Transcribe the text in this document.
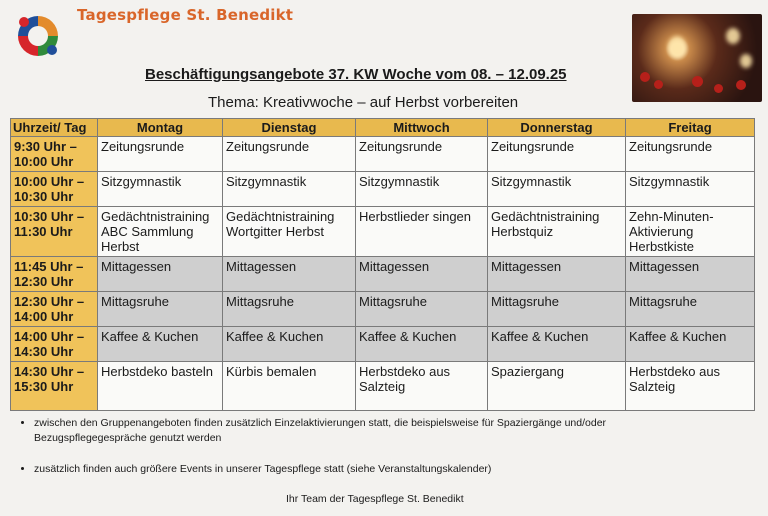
Tagespflege St. Benedikt
Beschäftigungsangebote 37. KW Woche vom 08. – 12.09.25
Thema: Kreativwoche – auf Herbst vorbereiten
Uhrzeit/ Tag	Montag	Dienstag	Mittwoch	Donnerstag	Freitag
9:30 Uhr – 10:00 Uhr	Zeitungsrunde	Zeitungsrunde	Zeitungsrunde	Zeitungsrunde	Zeitungsrunde
10:00 Uhr – 10:30 Uhr	Sitzgymnastik	Sitzgymnastik	Sitzgymnastik	Sitzgymnastik	Sitzgymnastik
10:30 Uhr – 11:30 Uhr	Gedächtnistraining ABC Sammlung Herbst	Gedächtnistraining Wortgitter Herbst	Herbstlieder singen	Gedächtnistraining Herbstquiz	Zehn-Minuten-Aktivierung Herbstkiste
11:45 Uhr – 12:30 Uhr	Mittagessen	Mittagessen	Mittagessen	Mittagessen	Mittagessen
12:30 Uhr – 14:00 Uhr	Mittagsruhe	Mittagsruhe	Mittagsruhe	Mittagsruhe	Mittagsruhe
14:00 Uhr – 14:30 Uhr	Kaffee & Kuchen	Kaffee & Kuchen	Kaffee & Kuchen	Kaffee & Kuchen	Kaffee & Kuchen
14:30 Uhr – 15:30 Uhr	Herbstdeko basteln	Kürbis bemalen	Herbstdeko aus Salzteig	Spaziergang	Herbstdeko aus Salzteig
• zwischen den Gruppenangeboten finden zusätzlich Einzelaktivierungen statt, die beispielsweise für Spaziergänge und/oder Bezugspflegegespräche genutzt werden
• zusätzlich finden auch größere Events in unserer Tagespflege statt (siehe Veranstaltungskalender)
Ihr Team der Tagespflege St. Benedikt
